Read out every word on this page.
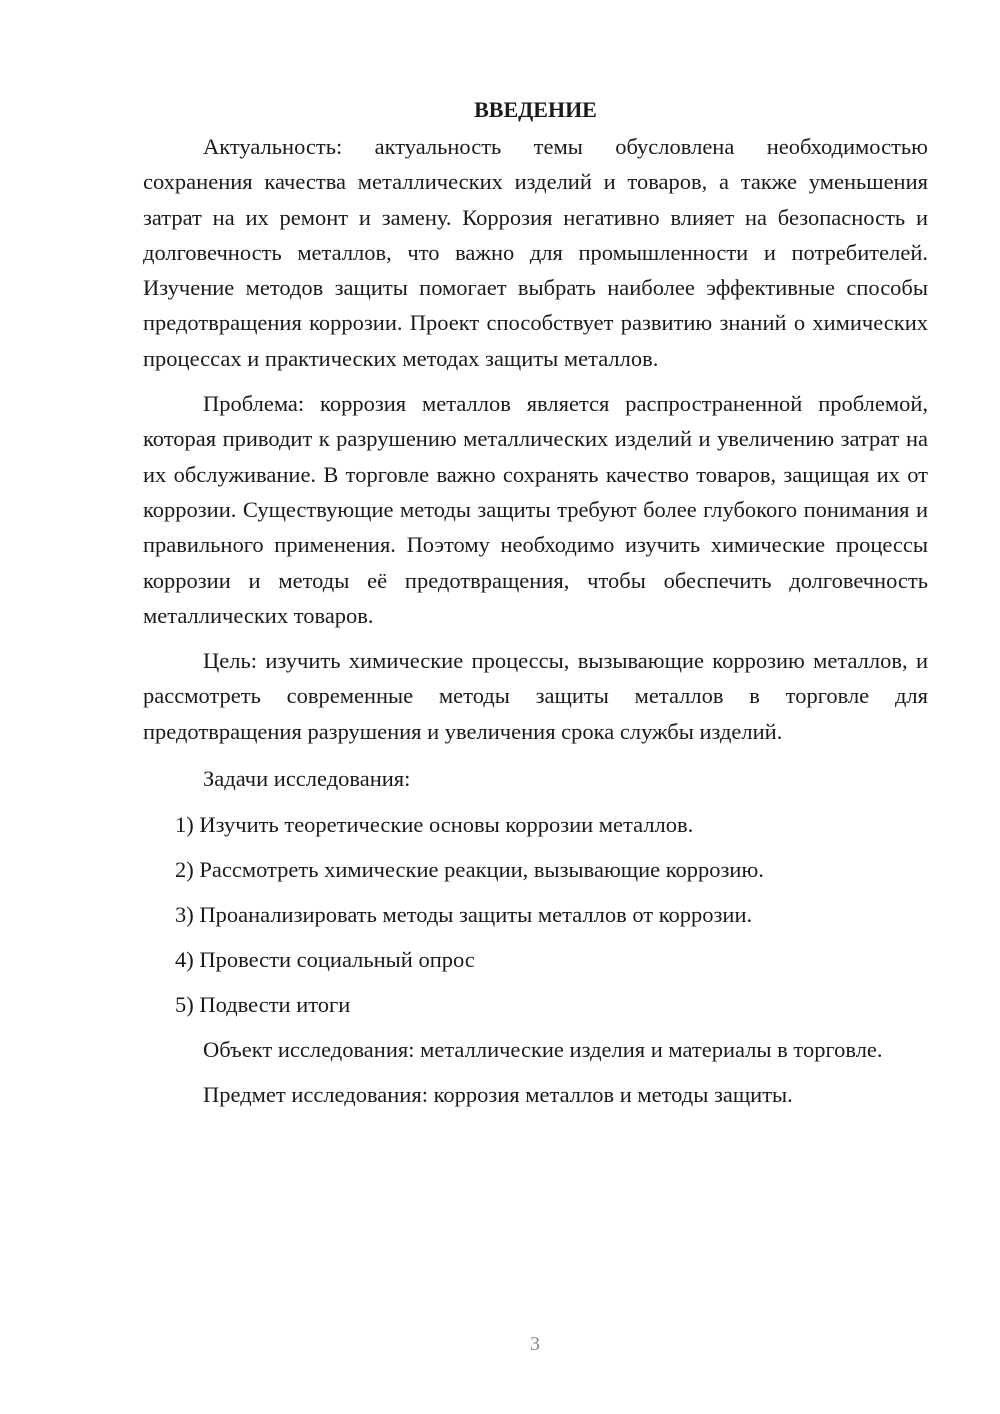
ВВЕДЕНИЕ

Актуальность: актуальность темы обусловлена необходимостью сохранения качества металлических изделий и товаров, а также уменьшения затрат на их ремонт и замену. Коррозия негативно влияет на безопасность и долговечность металлов, что важно для промышленности и потребителей. Изучение методов защиты помогает выбрать наиболее эффективные способы предотвращения коррозии. Проект способствует развитию знаний о химических процессах и практических методах защиты металлов.

Проблема: коррозия металлов является распространенной проблемой, которая приводит к разрушению металлических изделий и увеличению затрат на их обслуживание. В торговле важно сохранять качество товаров, защищая их от коррозии. Существующие методы защиты требуют более глубокого понимания и правильного применения. Поэтому необходимо изучить химические процессы коррозии и методы её предотвращения, чтобы обеспечить долговечность металлических товаров.

Цель: изучить химические процессы, вызывающие коррозию металлов, и рассмотреть современные методы защиты металлов в торговле для предотвращения разрушения и увеличения срока службы изделий.

Задачи исследования:

1) Изучить теоретические основы коррозии металлов.
2) Рассмотреть химические реакции, вызывающие коррозию.
3) Проанализировать методы защиты металлов от коррозии.
4) Провести социальный опрос
5) Подвести итоги

Объект исследования: металлические изделия и материалы в торговле.

Предмет исследования: коррозия металлов и методы защиты.

3
